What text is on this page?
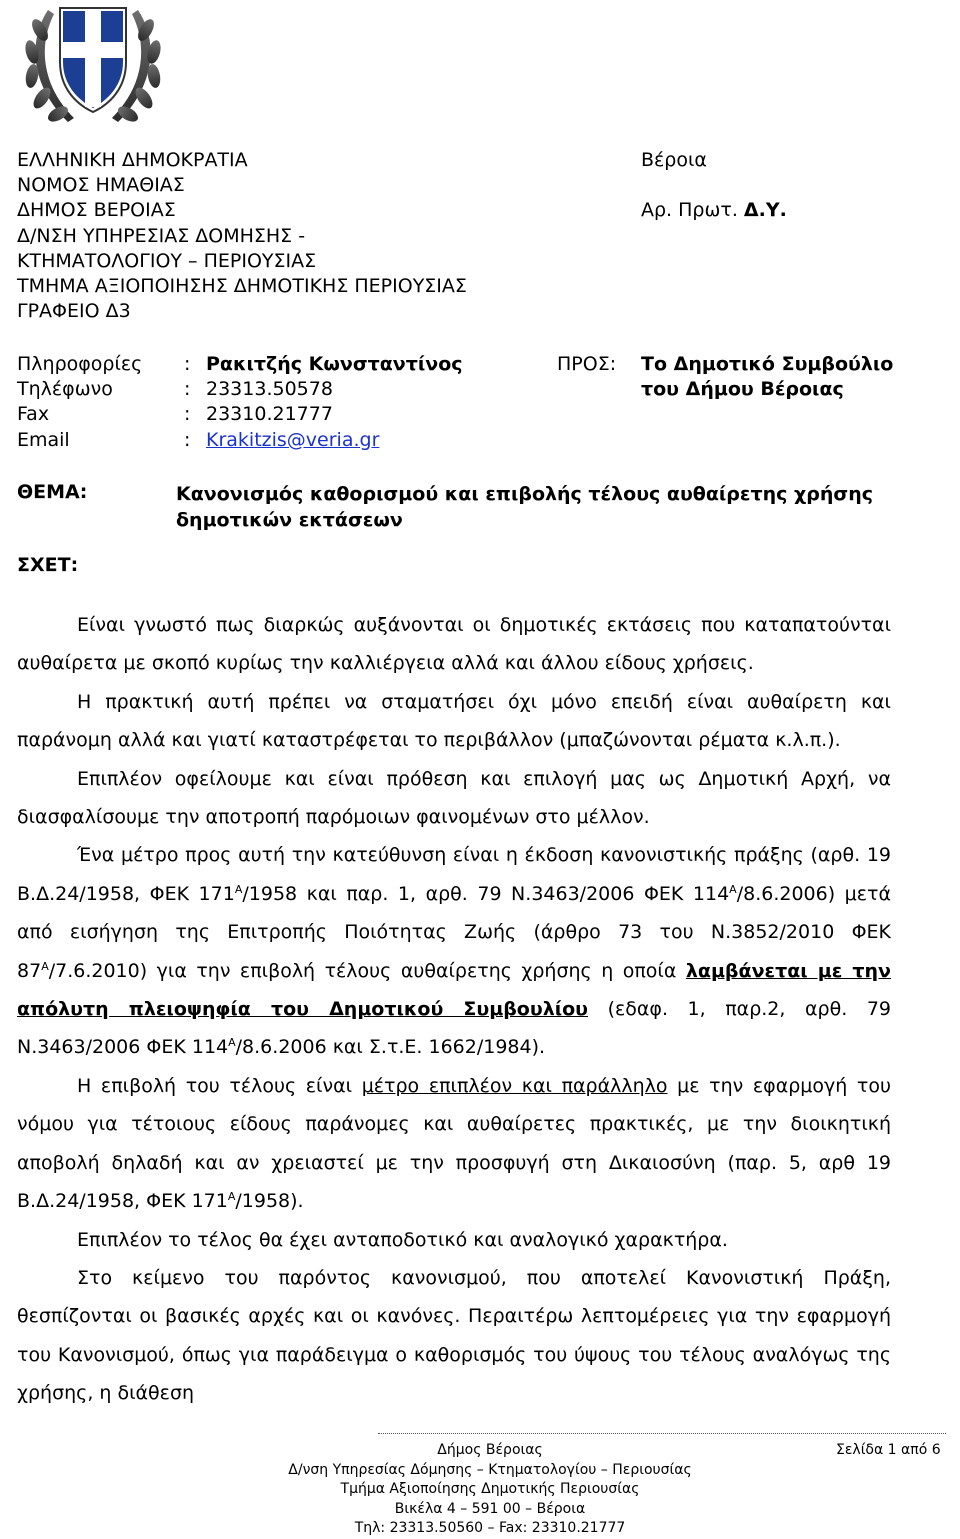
ΕΛΛΗΝΙΚΗ ΔΗΜΟΚΡΑΤΙΑ
ΝΟΜΟΣ ΗΜΑΘΙΑΣ
ΔΗΜΟΣ ΒΕΡΟΙΑΣ
Δ/ΝΣΗ ΥΠΗΡΕΣΙΑΣ ΔΟΜΗΣΗΣ -
ΚΤΗΜΑΤΟΛΟΓΙΟΥ – ΠΕΡΙΟΥΣΙΑΣ
ΤΜΗΜΑ ΑΞΙΟΠΟΙΗΣΗΣ ΔΗΜΟΤΙΚΗΣ ΠΕΡΙΟΥΣΙΑΣ
ΓΡΑΦΕΙΟ Δ3
Βέροια
Αρ. Πρωτ. Δ.Υ.
Πληροφορίες	: Ρακιτζής Κωνσταντίνος
Τηλέφωνο	: 23313.50578
Fax	: 23310.21777
Email	: Krakitzis@veria.gr
ΠΡΟΣ:	Το Δημοτικό Συμβούλιο
του Δήμου Βέροιας
ΘΕΜΑ:	Κανονισμός καθορισμού και επιβολής τέλους αυθαίρετης χρήσης δημοτικών εκτάσεων
ΣΧΕΤ:

Είναι γνωστό πως διαρκώς αυξάνονται οι δημοτικές εκτάσεις που καταπατούνται αυθαίρετα με σκοπό κυρίως την καλλιέργεια αλλά και άλλου είδους χρήσεις.

Η πρακτική αυτή πρέπει να σταματήσει όχι μόνο επειδή είναι αυθαίρετη και παράνομη αλλά και γιατί καταστρέφεται το περιβάλλον (μπαζώνονται ρέματα κ.λ.π.).

Επιπλέον οφείλουμε και είναι πρόθεση και επιλογή μας ως Δημοτική Αρχή, να διασφαλίσουμε την αποτροπή παρόμοιων φαινομένων στο μέλλον.

Ένα μέτρο προς αυτή την κατεύθυνση είναι η έκδοση κανονιστικής πράξης (αρθ. 19 Β.Δ.24/1958, ΦΕΚ $171^A/1958$ και παρ. 1, αρθ. 79 Ν.3463/2006 ΦΕΚ $114^A/8.6.2006$) μετά από εισήγηση της Επιτροπής Ποιότητας Ζωής (άρθρο 73 του Ν.3852/2010 ΦΕΚ $87^A/7.6.2010$) για την επιβολή τέλους αυθαίρετης χρήσης η οποία λαμβάνεται με την απόλυτη πλειοψηφία του Δημοτικού Συμβουλίου (εδαφ. 1, παρ.2, αρθ. 79 Ν.3463/2006 ΦΕΚ $114^A/8.6.2006$ και Σ.τ.Ε. 1662/1984).

Η επιβολή του τέλους είναι μέτρο επιπλέον και παράλληλο με την εφαρμογή του νόμου για τέτοιους είδους παράνομες και αυθαίρετες πρακτικές, με την διοικητική αποβολή δηλαδή και αν χρειαστεί με την προσφυγή στη Δικαιοσύνη (παρ. 5, αρθ 19 Β.Δ.24/1958, ΦΕΚ $171^A/1958$).

Επιπλέον το τέλος θα έχει ανταποδοτικό και αναλογικό χαρακτήρα.

Στο κείμενο του παρόντος κανονισμού, που αποτελεί Κανονιστική Πράξη, θεσπίζονται οι βασικές αρχές και οι κανόνες. Περαιτέρω λεπτομέρειες για την εφαρμογή του Κανονισμού, όπως για παράδειγμα ο καθορισμός του ύψους του τέλους αναλόγως της χρήσης, η διάθεση

Δήμος Βέροιας
Δ/νση Υπηρεσίας Δόμησης – Κτηματολογίου – Περιουσίας
Τμήμα Αξιοποίησης Δημοτικής Περιουσίας
Βικέλα 4 – 591 00 – Βέροια
Τηλ: 23313.50560 – Fax: 23310.21777
Σελίδα 1 από 6
